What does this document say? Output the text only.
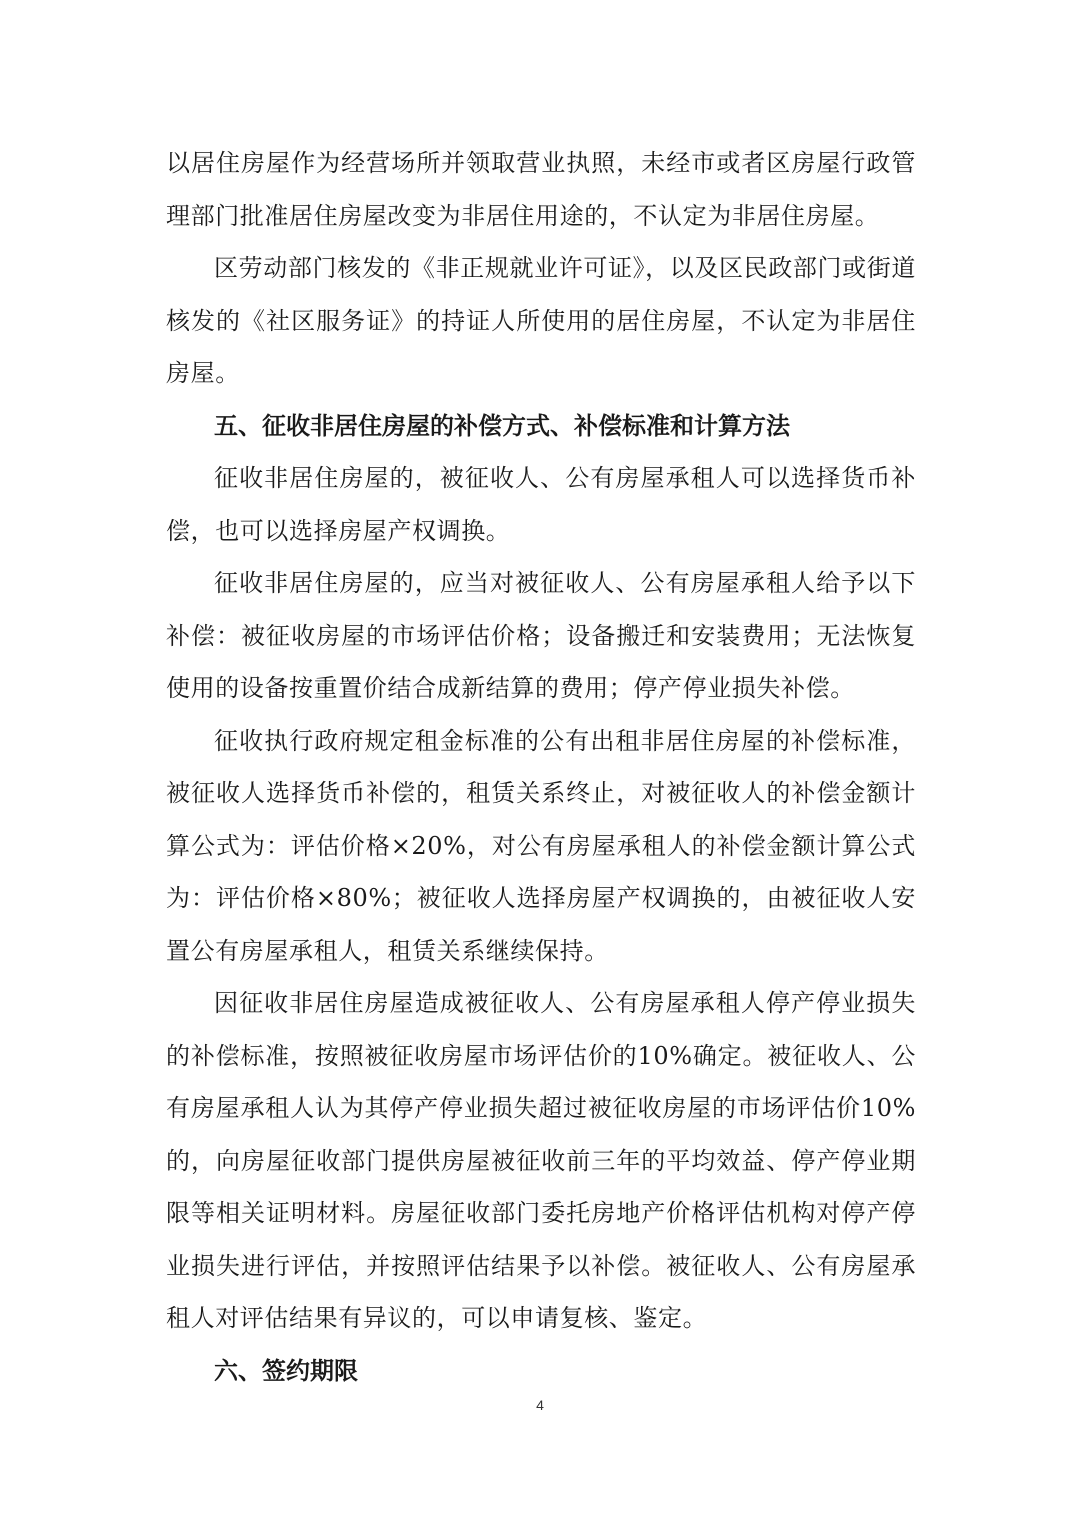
以居住房屋作为经营场所并领取营业执照，未经市或者区房屋行政管理部门批准居住房屋改变为非居住用途的，不认定为非居住房屋。

区劳动部门核发的《非正规就业许可证》，以及区民政部门或街道核发的《社区服务证》的持证人所使用的居住房屋，不认定为非居住房屋。

五、征收非居住房屋的补偿方式、补偿标准和计算方法

征收非居住房屋的，被征收人、公有房屋承租人可以选择货币补偿，也可以选择房屋产权调换。

征收非居住房屋的，应当对被征收人、公有房屋承租人给予以下补偿：被征收房屋的市场评估价格；设备搬迁和安装费用；无法恢复使用的设备按重置价结合成新结算的费用；停产停业损失补偿。

征收执行政府规定租金标准的公有出租非居住房屋的补偿标准，被征收人选择货币补偿的，租赁关系终止，对被征收人的补偿金额计算公式为：评估价格×20%，对公有房屋承租人的补偿金额计算公式为：评估价格×80%；被征收人选择房屋产权调换的，由被征收人安置公有房屋承租人，租赁关系继续保持。

因征收非居住房屋造成被征收人、公有房屋承租人停产停业损失的补偿标准，按照被征收房屋市场评估价的10%确定。被征收人、公有房屋承租人认为其停产停业损失超过被征收房屋的市场评估价10%的，向房屋征收部门提供房屋被征收前三年的平均效益、停产停业期限等相关证明材料。房屋征收部门委托房地产价格评估机构对停产停业损失进行评估，并按照评估结果予以补偿。被征收人、公有房屋承租人对评估结果有异议的，可以申请复核、鉴定。

六、签约期限

4
